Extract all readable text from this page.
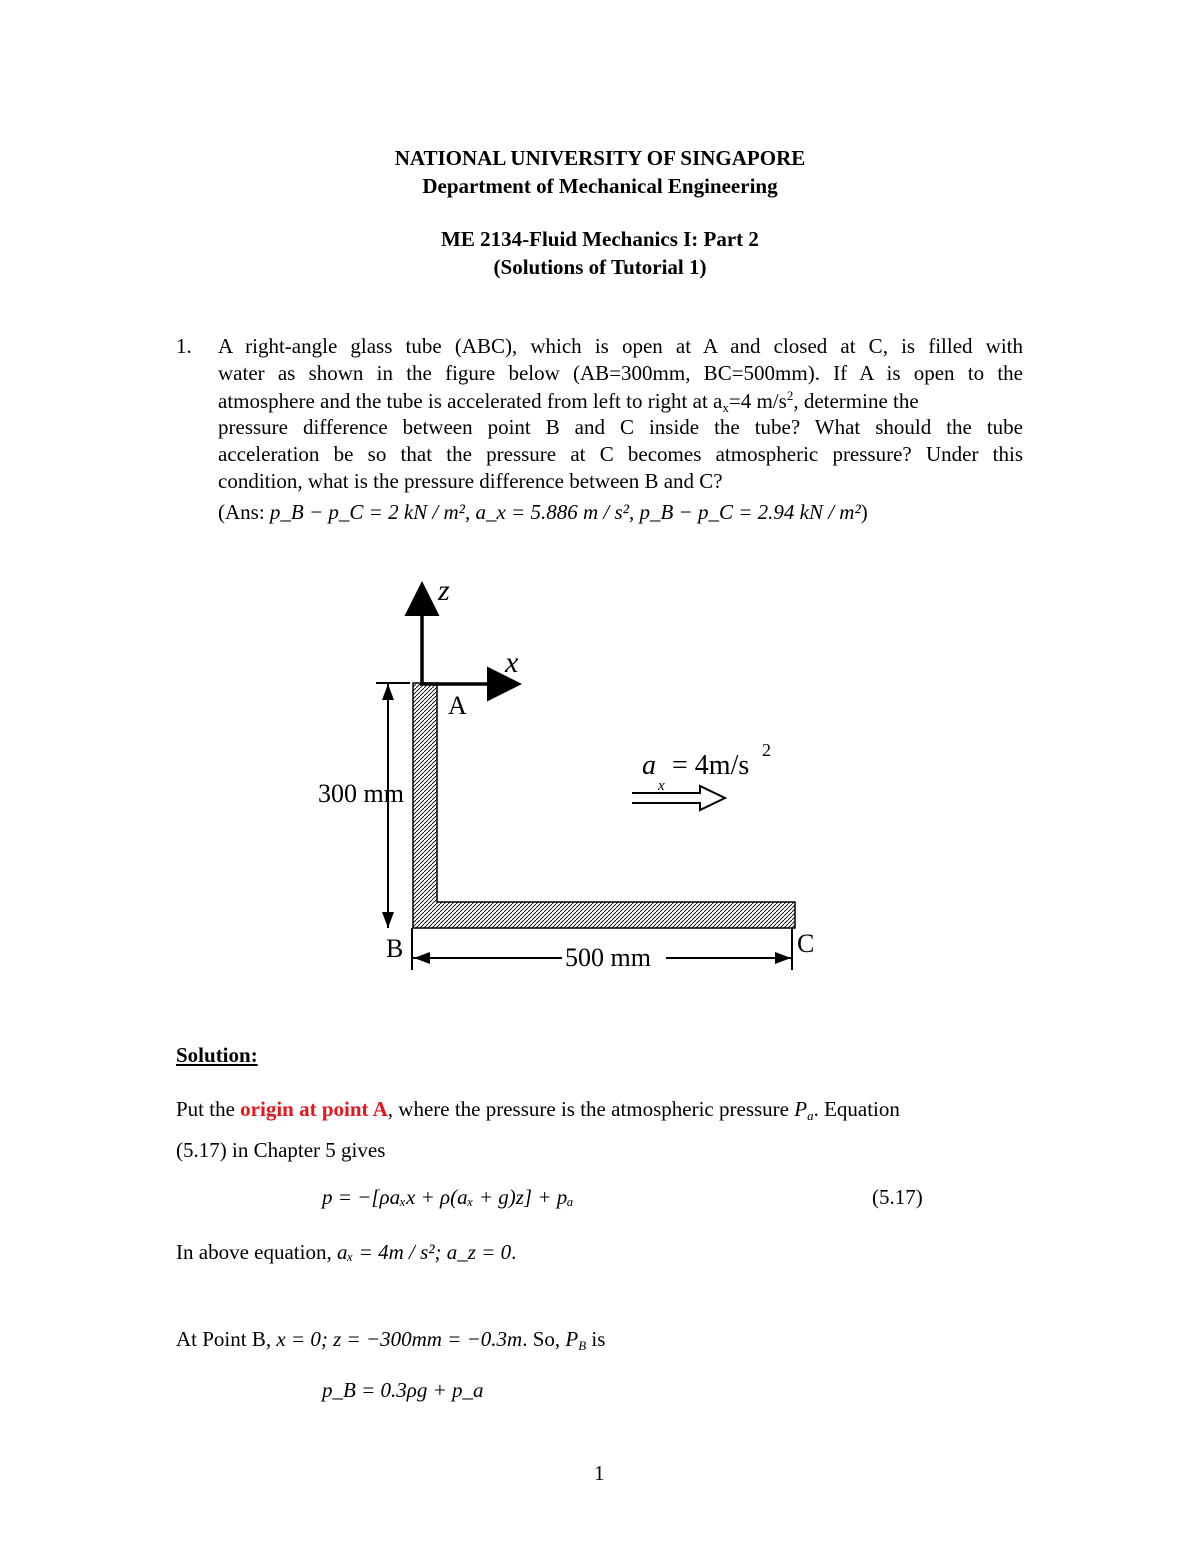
NATIONAL UNIVERSITY OF SINGAPORE
Department of Mechanical Engineering
ME 2134-Fluid Mechanics I: Part 2
(Solutions of Tutorial 1)
1. A right-angle glass tube (ABC), which is open at A and closed at C, is filled with
water as shown in the figure below (AB=300mm, BC=500mm). If A is open to the
atmosphere and the tube is accelerated from left to right at ax=4 $m/s^2$, determine the
pressure difference between point B and C inside the tube? What should the tube
acceleration be so that the pressure at C becomes atmospheric pressure? Under this
condition, what is the pressure difference between B and C?
(Ans: p_B − p_C = 2 kN / m², a_x = 5.886 m / s², p_B − p_C = 2.94 kN / m²)
z
x
A
300 mm
500 mm
B	C
a
x
= 4m/s 2
Solution:
Put the origin at point A, where the pressure is the atmospheric pressure $P_a$. Equation
(5.17) in Chapter 5 gives
p = −[ρaₓx + ρ(aₓ + g)z] + pₐ	(5.17)
In above equation, aₓ = 4m / s²; a_z = 0.
At Point B, x = 0; z = −300mm = −0.3m. So, $P_B$ is
p_B = 0.3ρg + p_a
1
